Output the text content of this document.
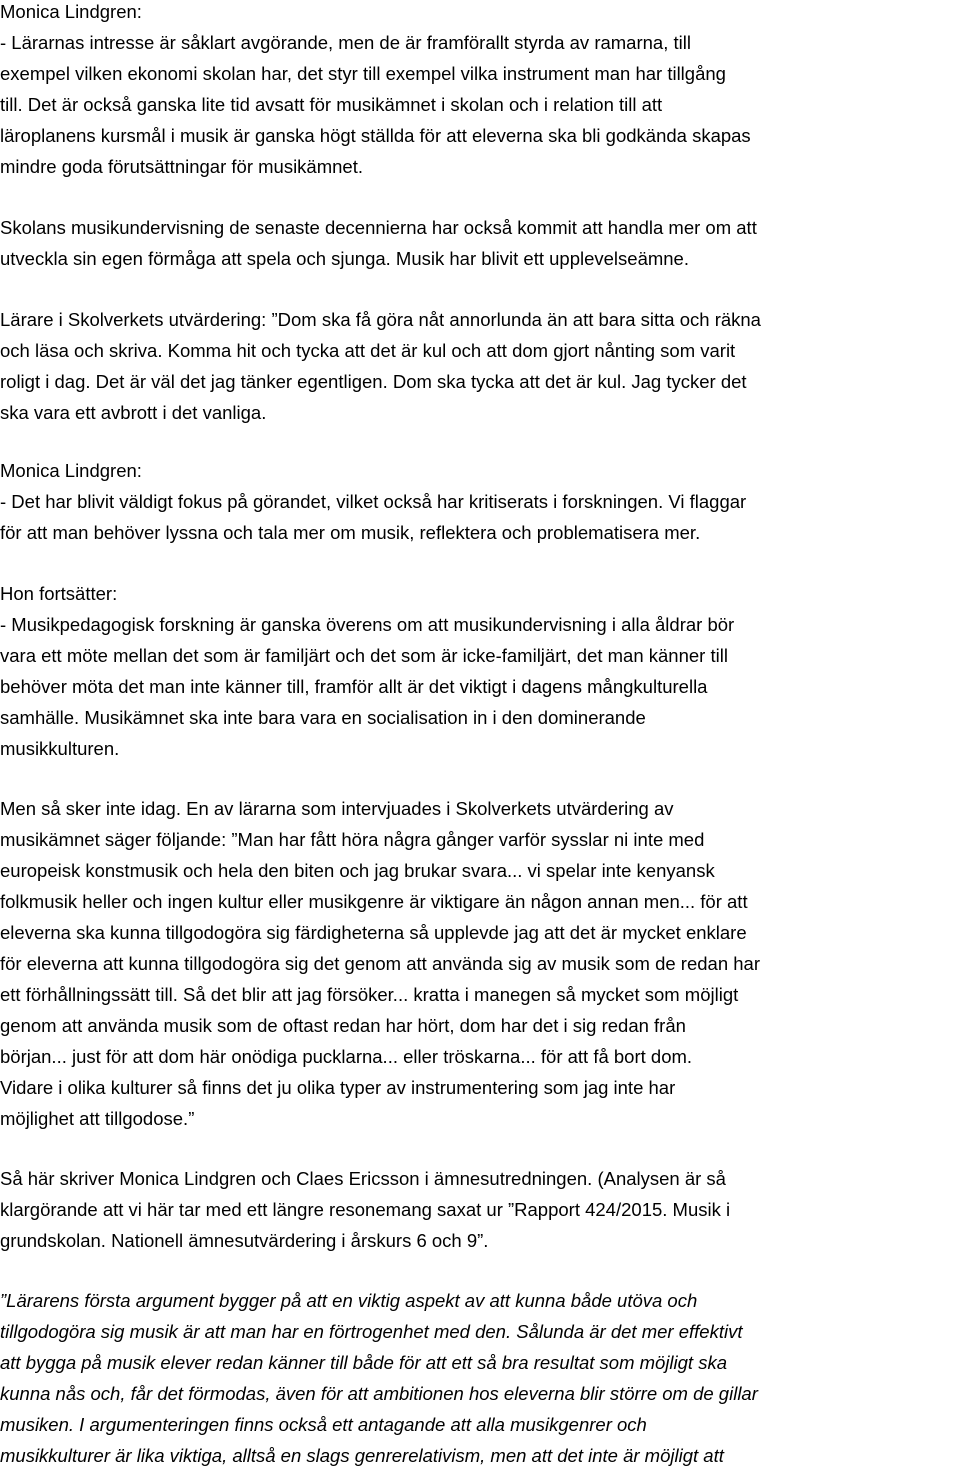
Monica Lindgren:

- Lärarnas intresse är såklart avgörande, men de är framförallt styrda av ramarna, till

exempel vilken ekonomi skolan har, det styr till exempel vilka instrument man har tillgång

till. Det är också ganska lite tid avsatt för musikämnet i skolan och i relation till att

läroplanens kursmål i musik är ganska högt ställda för att eleverna ska bli godkända skapas

mindre goda förutsättningar för musikämnet.

Skolans musikundervisning de senaste decennierna har också kommit att handla mer om att

utveckla sin egen förmåga att spela och sjunga. Musik har blivit ett upplevelseämne.

Lärare i Skolverkets utvärdering: ”Dom ska få göra nåt annorlunda än att bara sitta och räkna

och läsa och skriva. Komma hit och tycka att det är kul och att dom gjort nånting som varit

roligt i dag. Det är väl det jag tänker egentligen. Dom ska tycka att det är kul. Jag tycker det

ska vara ett avbrott i det vanliga.

Monica Lindgren:

- Det har blivit väldigt fokus på görandet, vilket också har kritiserats i forskningen. Vi flaggar

för att man behöver lyssna och tala mer om musik, reflektera och problematisera mer.

Hon fortsätter:

- Musikpedagogisk forskning är ganska överens om att musikundervisning i alla åldrar bör

vara ett möte mellan det som är familjärt och det som är icke-familjärt, det man känner till

behöver möta det man inte känner till, framför allt är det viktigt i dagens mångkulturella

samhälle. Musikämnet ska inte bara vara en socialisation in i den dominerande

musikkulturen.

Men så sker inte idag. En av lärarna som intervjuades i Skolverkets utvärdering av

musikämnet säger följande: ”Man har fått höra några gånger varför sysslar ni inte med

europeisk konstmusik och hela den biten och jag brukar svara... vi spelar inte kenyansk

folkmusik heller och ingen kultur eller musikgenre är viktigare än någon annan men... för att

eleverna ska kunna tillgodogöra sig färdigheterna så upplevde jag att det är mycket enklare

för eleverna att kunna tillgodogöra sig det genom att använda sig av musik som de redan har

ett förhållningssätt till. Så det blir att jag försöker... kratta i manegen så mycket som möjligt

genom att använda musik som de oftast redan har hört, dom har det i sig redan från

början... just för att dom här onödiga pucklarna... eller tröskarna... för att få bort dom.

Vidare i olika kulturer så finns det ju olika typer av instrumentering som jag inte har

möjlighet att tillgodose.”

Så här skriver Monica Lindgren och Claes Ericsson i ämnesutredningen. (Analysen är så

klargörande att vi här tar med ett längre resonemang saxat ur ”Rapport 424/2015. Musik i

grundskolan. Nationell ämnesutvärdering i årskurs 6 och 9”.

”Lärarens första argument bygger på att en viktig aspekt av att kunna både utöva och

tillgodogöra sig musik är att man har en förtrogenhet med den. Sålunda är det mer effektivt

att bygga på musik elever redan känner till både för att ett så bra resultat som möjligt ska

kunna nås och, får det förmodas, även för att ambitionen hos eleverna blir större om de gillar

musiken. I argumenteringen finns också ett antagande att alla musikgenrer och

musikkulturer är lika viktiga, alltså en slags genrerelativism, men att det inte är möjligt att
